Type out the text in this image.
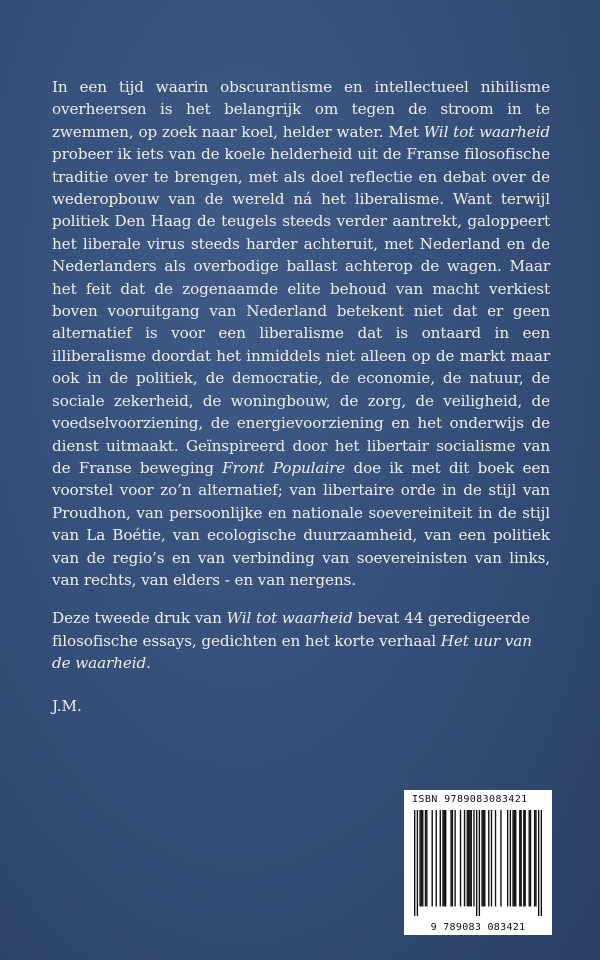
In een tijd waarin obscurantisme en intellectueel nihilisme overheersen is het belangrijk om tegen de stroom in te zwemmen, op zoek naar koel, helder water. Met Wil tot waarheid probeer ik iets van de koele helderheid uit de Franse filosofische traditie over te brengen, met als doel reflectie en debat over de wederopbouw van de wereld ná het liberalisme. Want terwijl politiek Den Haag de teugels steeds verder aantrekt, galoppeert het liberale virus steeds harder achteruit, met Nederland en de Nederlanders als overbodige ballast achterop de wagen. Maar het feit dat de zogenaamde elite behoud van macht verkiest boven vooruitgang van Nederland betekent niet dat er geen alternatief is voor een liberalisme dat is ontaard in een illiberalisme doordat het inmiddels niet alleen op de markt maar ook in de politiek, de democratie, de economie, de natuur, de sociale zekerheid, de woningbouw, de zorg, de veiligheid, de voedselvoorziening, de energievoorziening en het onderwijs de dienst uitmaakt. Geïnspireerd door het libertair socialisme van de Franse beweging Front Populaire doe ik met dit boek een voorstel voor zo’n alternatief; van libertaire orde in de stijl van Proudhon, van persoonlijke en nationale soevereiniteit in de stijl van La Boétie, van ecologische duurzaamheid, van een politiek van de regio’s en van verbinding van soevereinisten van links, van rechts, van elders - en van nergens.

Deze tweede druk van Wil tot waarheid bevat 44 geredigeerde filosofische essays, gedichten en het korte verhaal Het uur van de waarheid.

J.M.

ISBN 9789083083421
9 789083 083421
